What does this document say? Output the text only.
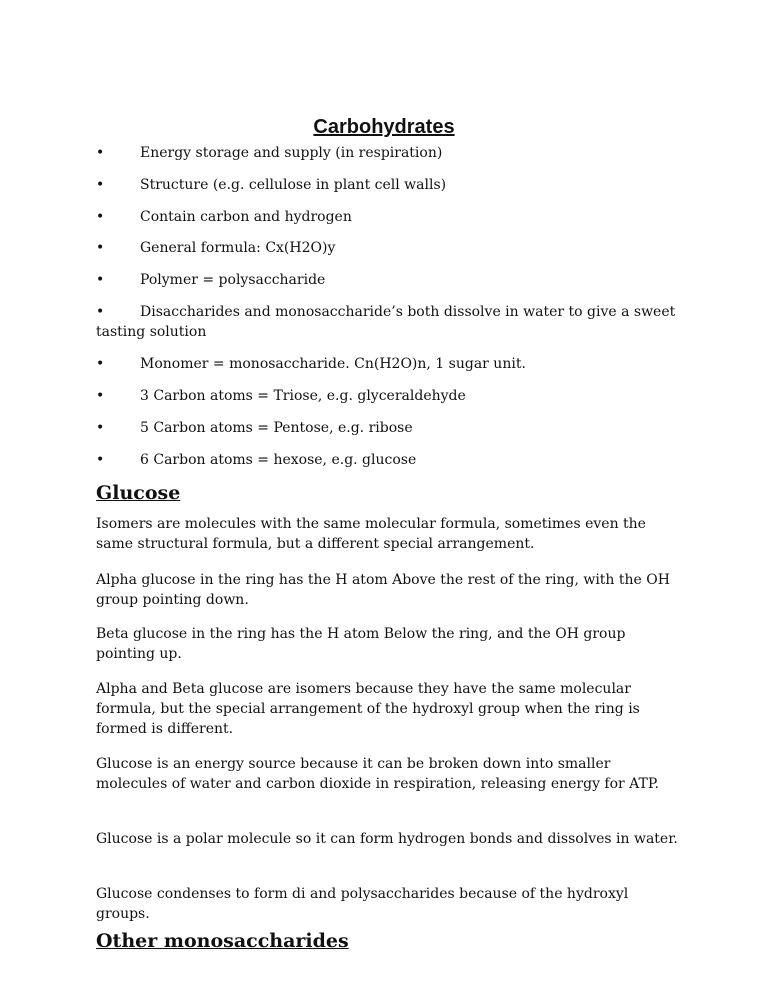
Carbohydrates
•	Energy storage and supply (in respiration)
•	Structure (e.g. cellulose in plant cell walls)
•	Contain carbon and hydrogen
•	General formula: Cx(H2O)y
•	Polymer = polysaccharide
•	Disaccharides and monosaccharide’s both dissolve in water to give a sweet tasting solution
•	Monomer = monosaccharide. Cn(H2O)n, 1 sugar unit.
•	3 Carbon atoms = Triose, e.g. glyceraldehyde
•	5 Carbon atoms = Pentose, e.g. ribose
•	6 Carbon atoms = hexose, e.g. glucose
Glucose
Isomers are molecules with the same molecular formula, sometimes even the same structural formula, but a different special arrangement.
Alpha glucose in the ring has the H atom Above the rest of the ring, with the OH group pointing down.
Beta glucose in the ring has the H atom Below the ring, and the OH group pointing up.
Alpha and Beta glucose are isomers because they have the same molecular formula, but the special arrangement of the hydroxyl group when the ring is formed is different.
Glucose is an energy source because it can be broken down into smaller molecules of water and carbon dioxide in respiration, releasing energy for ATP.
Glucose is a polar molecule so it can form hydrogen bonds and dissolves in water.
Glucose condenses to form di and polysaccharides because of the hydroxyl groups.
Other monosaccharides
